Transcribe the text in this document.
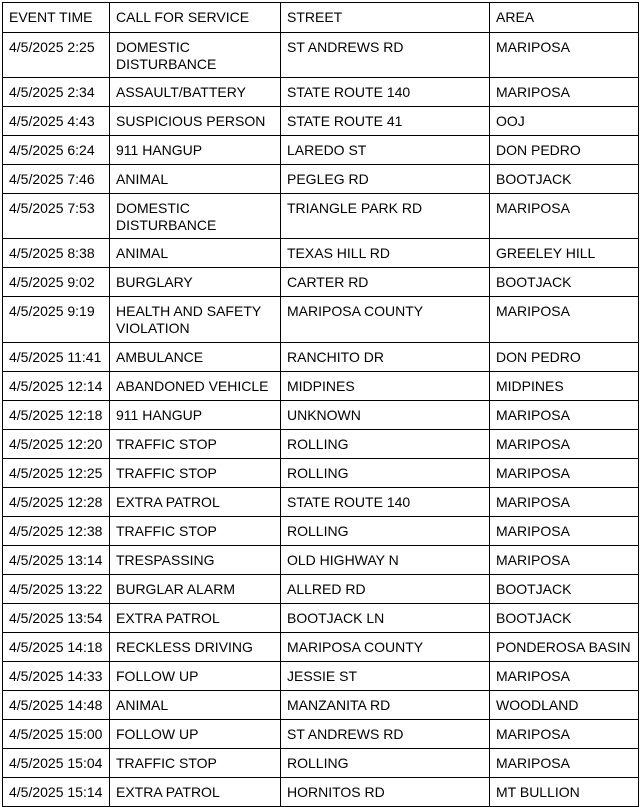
EVENT TIME	CALL FOR SERVICE	STREET	AREA
4/5/2025 2:25	DOMESTIC DISTURBANCE	ST ANDREWS RD	MARIPOSA
4/5/2025 2:34	ASSAULT/BATTERY	STATE ROUTE 140	MARIPOSA
4/5/2025 4:43	SUSPICIOUS PERSON	STATE ROUTE 41	OOJ
4/5/2025 6:24	911 HANGUP	LAREDO ST	DON PEDRO
4/5/2025 7:46	ANIMAL	PEGLEG RD	BOOTJACK
4/5/2025 7:53	DOMESTIC DISTURBANCE	TRIANGLE PARK RD	MARIPOSA
4/5/2025 8:38	ANIMAL	TEXAS HILL RD	GREELEY HILL
4/5/2025 9:02	BURGLARY	CARTER RD	BOOTJACK
4/5/2025 9:19	HEALTH AND SAFETY VIOLATION	MARIPOSA COUNTY	MARIPOSA
4/5/2025 11:41	AMBULANCE	RANCHITO DR	DON PEDRO
4/5/2025 12:14	ABANDONED VEHICLE	MIDPINES	MIDPINES
4/5/2025 12:18	911 HANGUP	UNKNOWN	MARIPOSA
4/5/2025 12:20	TRAFFIC STOP	ROLLING	MARIPOSA
4/5/2025 12:25	TRAFFIC STOP	ROLLING	MARIPOSA
4/5/2025 12:28	EXTRA PATROL	STATE ROUTE 140	MARIPOSA
4/5/2025 12:38	TRAFFIC STOP	ROLLING	MARIPOSA
4/5/2025 13:14	TRESPASSING	OLD HIGHWAY N	MARIPOSA
4/5/2025 13:22	BURGLAR ALARM	ALLRED RD	BOOTJACK
4/5/2025 13:54	EXTRA PATROL	BOOTJACK LN	BOOTJACK
4/5/2025 14:18	RECKLESS DRIVING	MARIPOSA COUNTY	PONDEROSA BASIN
4/5/2025 14:33	FOLLOW UP	JESSIE ST	MARIPOSA
4/5/2025 14:48	ANIMAL	MANZANITA RD	WOODLAND
4/5/2025 15:00	FOLLOW UP	ST ANDREWS RD	MARIPOSA
4/5/2025 15:04	TRAFFIC STOP	ROLLING	MARIPOSA
4/5/2025 15:14	EXTRA PATROL	HORNITOS RD	MT BULLION
